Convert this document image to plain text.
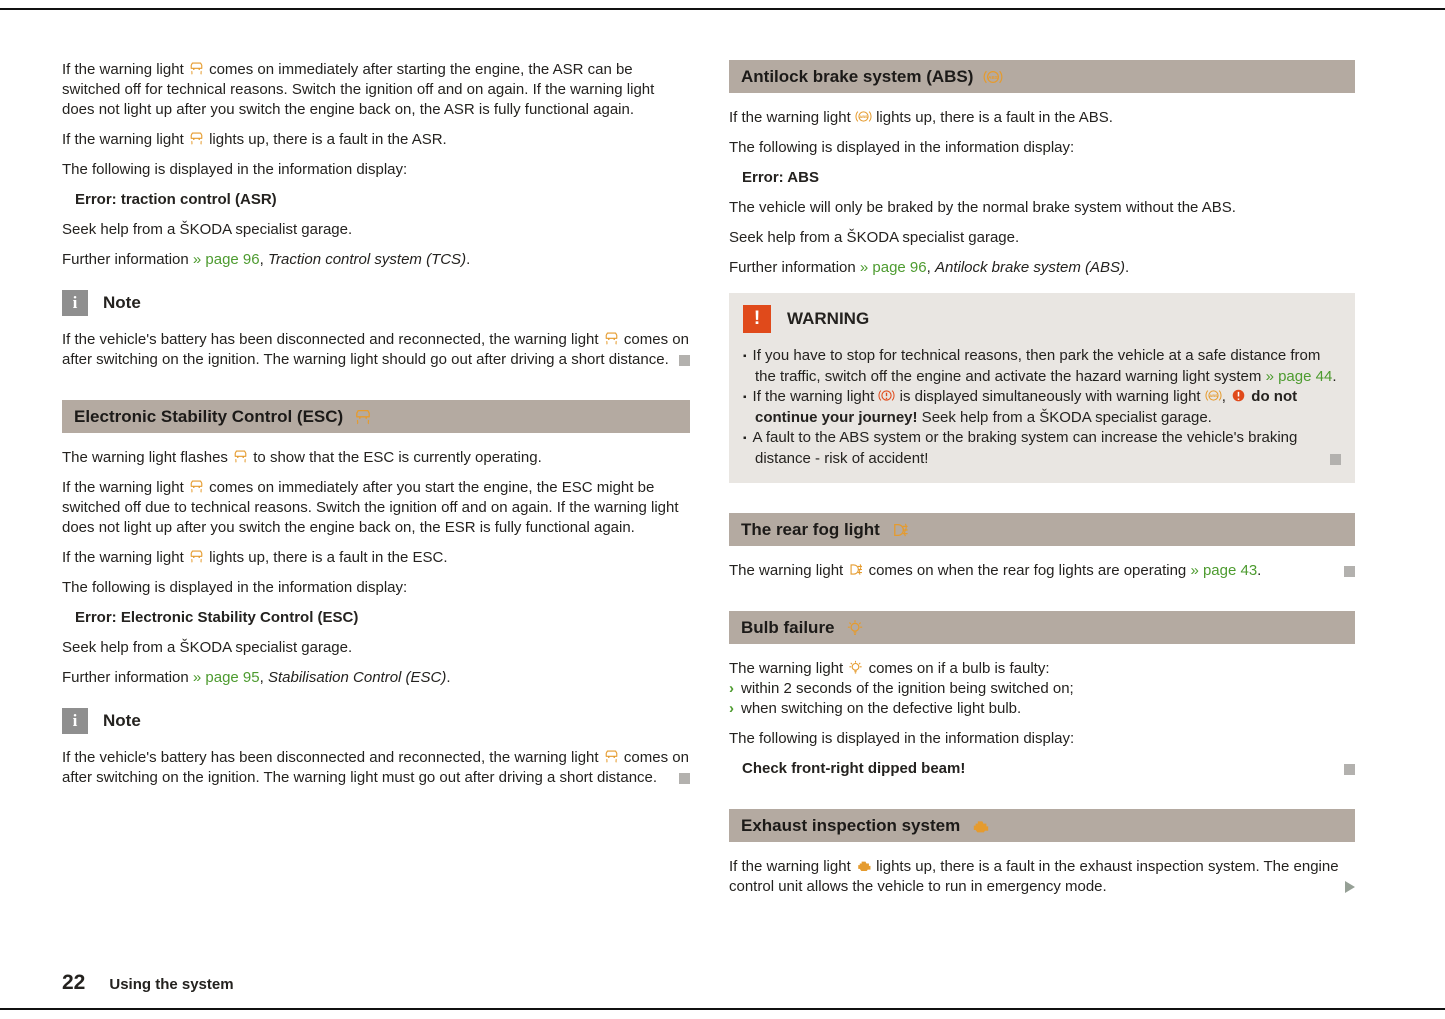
If the warning light
comes on immediately after starting the engine, the ASR can be switched off for technical reasons. Switch the ignition off and on again. If the warning light does not light up after you switch the engine back on, the ASR is fully functional again.

If the warning light
lights up, there is a fault in the ASR.

The following is displayed in the information display:

Error: traction control (ASR)

Seek help from a ŠKODA specialist garage.

Further information » page 96, Traction control system (TCS).

i	Note

If the vehicle's battery has been disconnected and reconnected, the warning light
comes on after switching on the ignition. The warning light should go out after driving a short distance.

Electronic Stability Control (ESC)

The warning light flashes
to show that the ESC is currently operating.

If the warning light
comes on immediately after you start the engine, the ESC might be switched off due to technical reasons. Switch the ignition off and on again. If the warning light does not light up after you switch the engine back on, the ESR is fully functional again.

If the warning light
lights up, there is a fault in the ESC.

The following is displayed in the information display:

Error: Electronic Stability Control (ESC)

Seek help from a ŠKODA specialist garage.

Further information » page 95, Stabilisation Control (ESC).

i	Note

If the vehicle's battery has been disconnected and reconnected, the warning light
comes on after switching on the ignition. The warning light must go out after driving a short distance.

Antilock brake system (ABS)

If the warning light
lights up, there is a fault in the ABS.

The following is displayed in the information display:

Error: ABS

The vehicle will only be braked by the normal brake system without the ABS.

Seek help from a ŠKODA specialist garage.

Further information » page 96, Antilock brake system (ABS).

!	WARNING

▪ If you have to stop for technical reasons, then park the vehicle at a safe distance from the traffic, switch off the engine and activate the hazard warning light system » page 44.

▪ If the warning light
is displayed simultaneously with warning light
,
do not continue your journey! Seek help from a ŠKODA specialist garage.

▪ A fault to the ABS system or the braking system can increase the vehicle's braking distance - risk of accident!

The rear fog light

The warning light
comes on when the rear fog lights are operating » page 43.

Bulb failure

The warning light
comes on if a bulb is faulty:

› within 2 seconds of the ignition being switched on;

› when switching on the defective light bulb.

The following is displayed in the information display:

Check front-right dipped beam!

Exhaust inspection system

If the warning light
lights up, there is a fault in the exhaust inspection system. The engine control unit allows the vehicle to run in emergency mode.

22 Using the system
